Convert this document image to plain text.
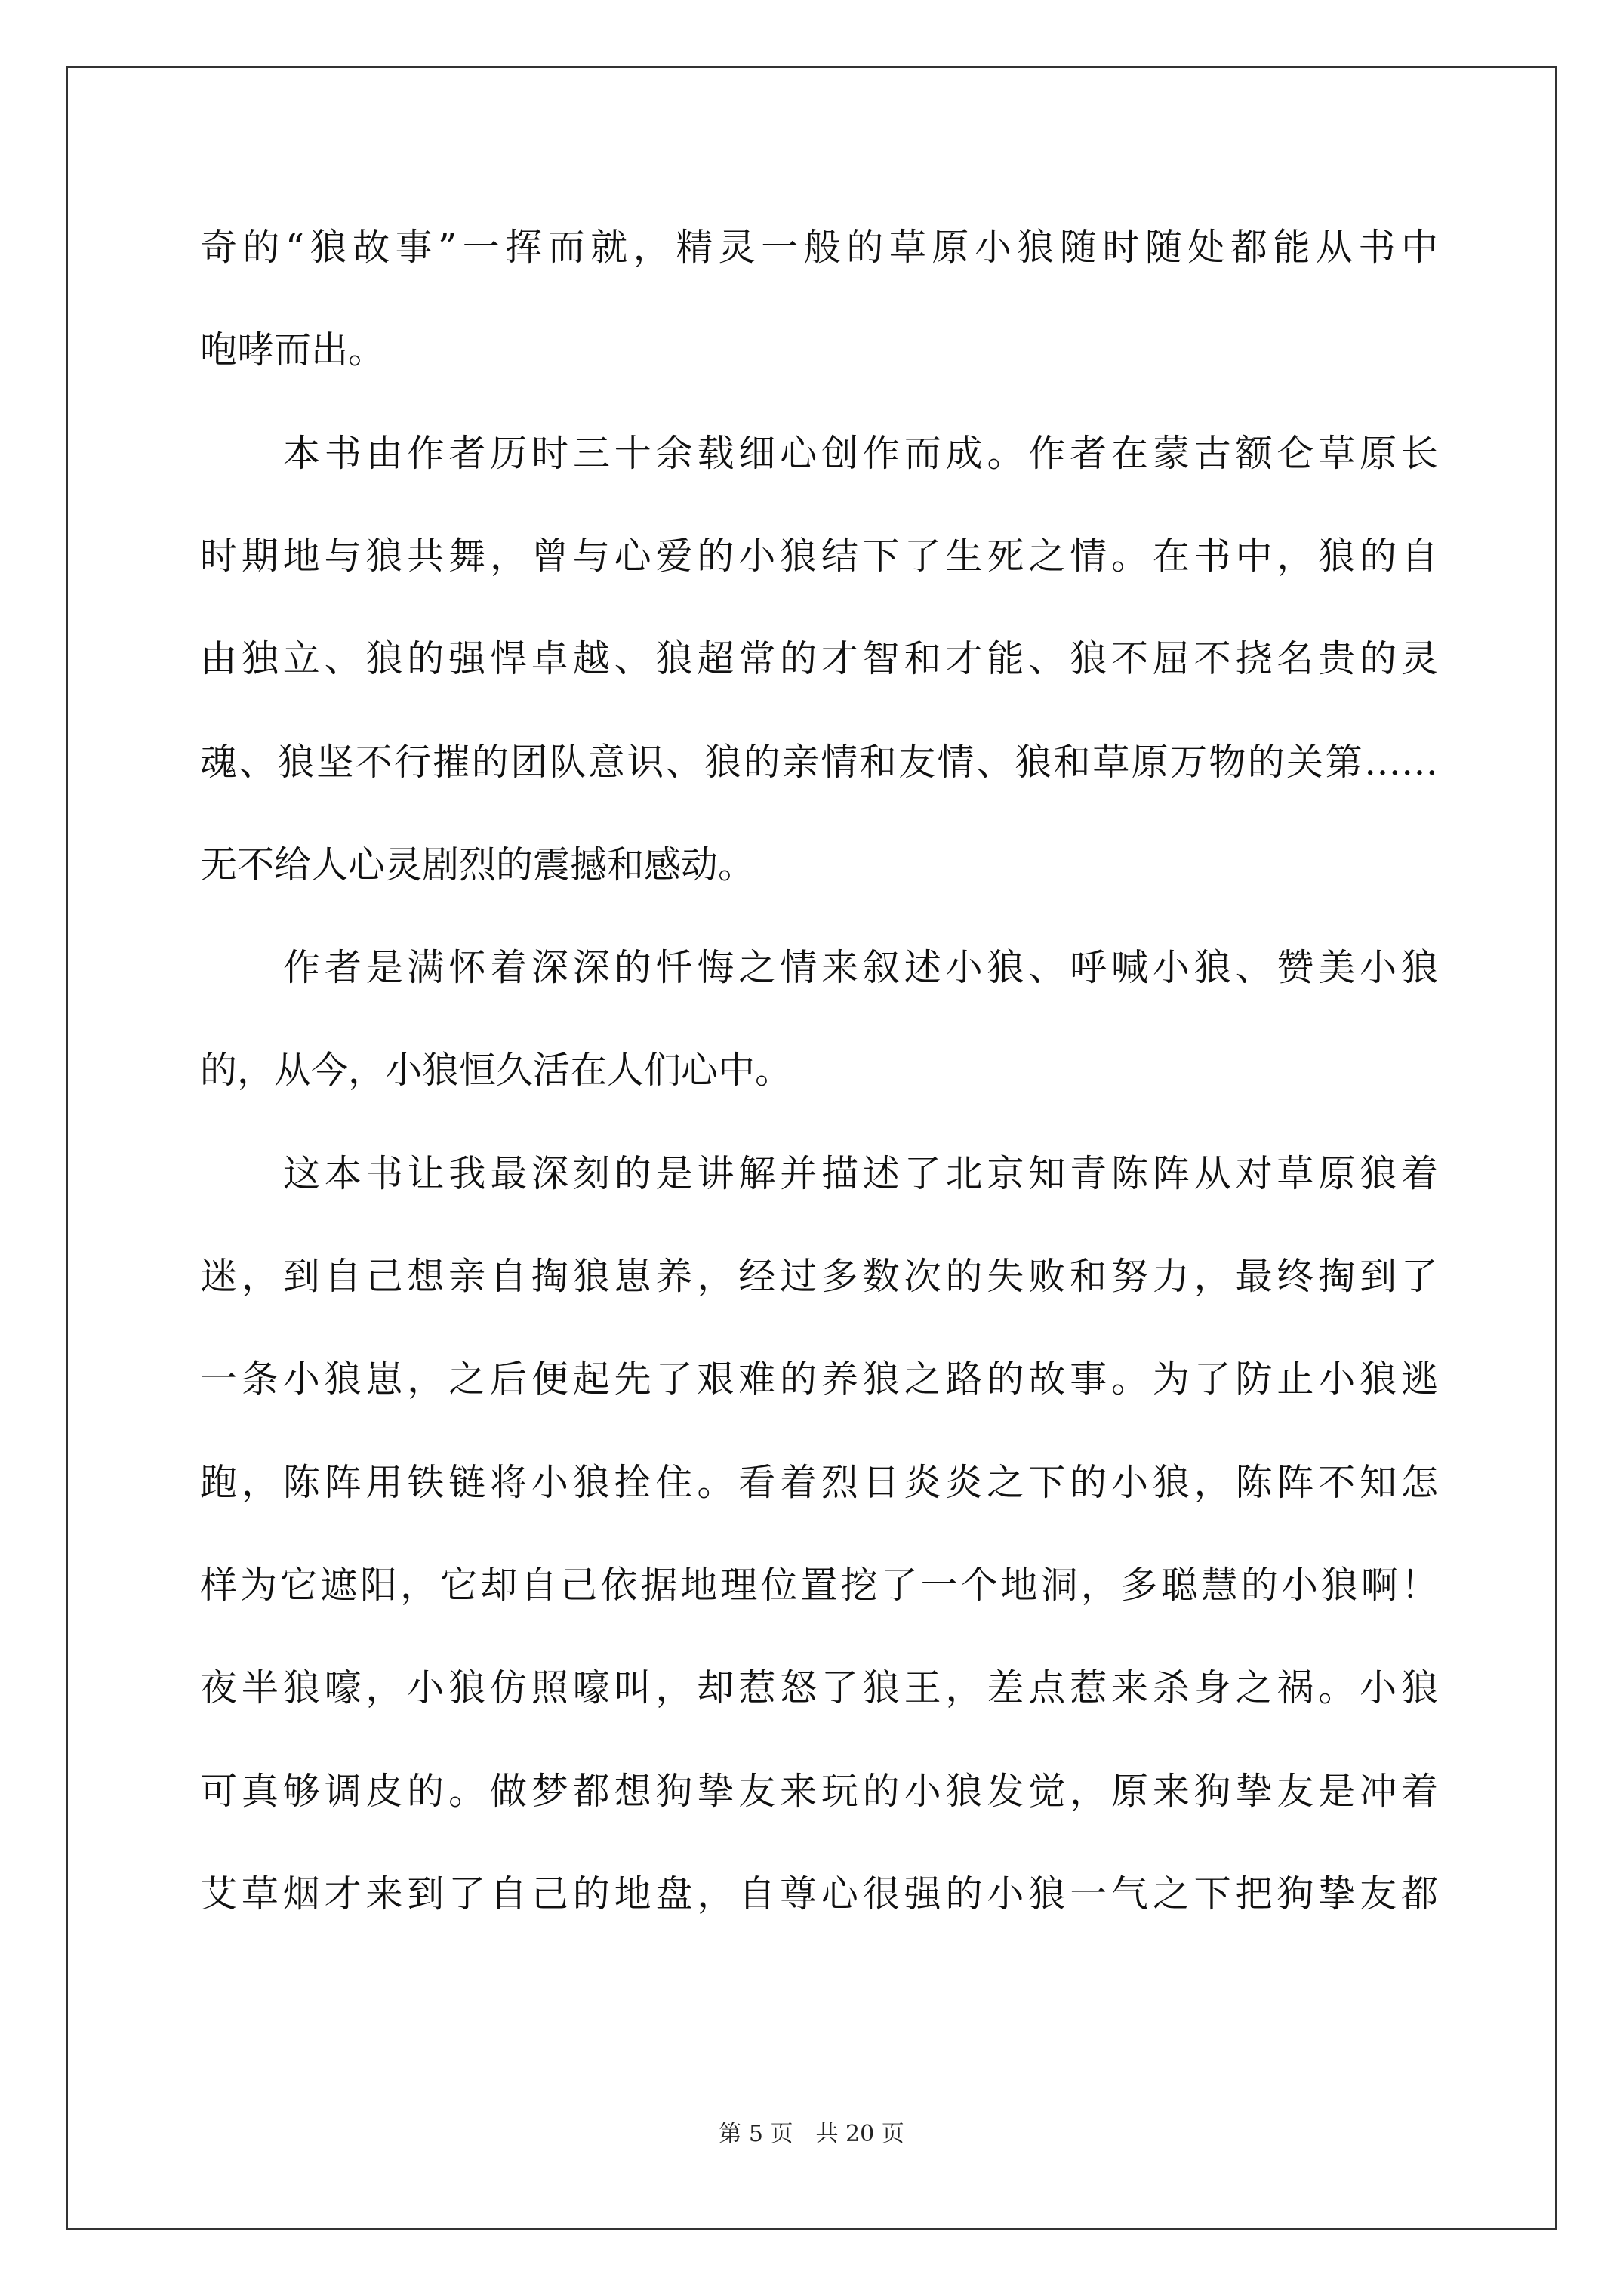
奇的“狼故事”一挥而就，精灵一般的草原小狼随时随处都能从书中
咆哮而出。
本书由作者历时三十余载细心创作而成。作者在蒙古额仑草原长
时期地与狼共舞，曾与心爱的小狼结下了生死之情。在书中，狼的自
由独立、狼的强悍卓越、狼超常的才智和才能、狼不屈不挠名贵的灵
魂、狼坚不行摧的团队意识、狼的亲情和友情、狼和草原万物的关第……
无不给人心灵剧烈的震撼和感动。
作者是满怀着深深的忏悔之情来叙述小狼、呼喊小狼、赞美小狼
的，从今，小狼恒久活在人们心中。
这本书让我最深刻的是讲解并描述了北京知青陈阵从对草原狼着
迷，到自己想亲自掏狼崽养，经过多数次的失败和努力，最终掏到了
一条小狼崽，之后便起先了艰难的养狼之路的故事。为了防止小狼逃
跑，陈阵用铁链将小狼拴住。看着烈日炎炎之下的小狼，陈阵不知怎
样为它遮阳，它却自己依据地理位置挖了一个地洞，多聪慧的小狼啊！
夜半狼嚎，小狼仿照嚎叫，却惹怒了狼王，差点惹来杀身之祸。小狼
可真够调皮的。做梦都想狗挚友来玩的小狼发觉，原来狗挚友是冲着
艾草烟才来到了自己的地盘，自尊心很强的小狼一气之下把狗挚友都
第 5 页 共 20 页
